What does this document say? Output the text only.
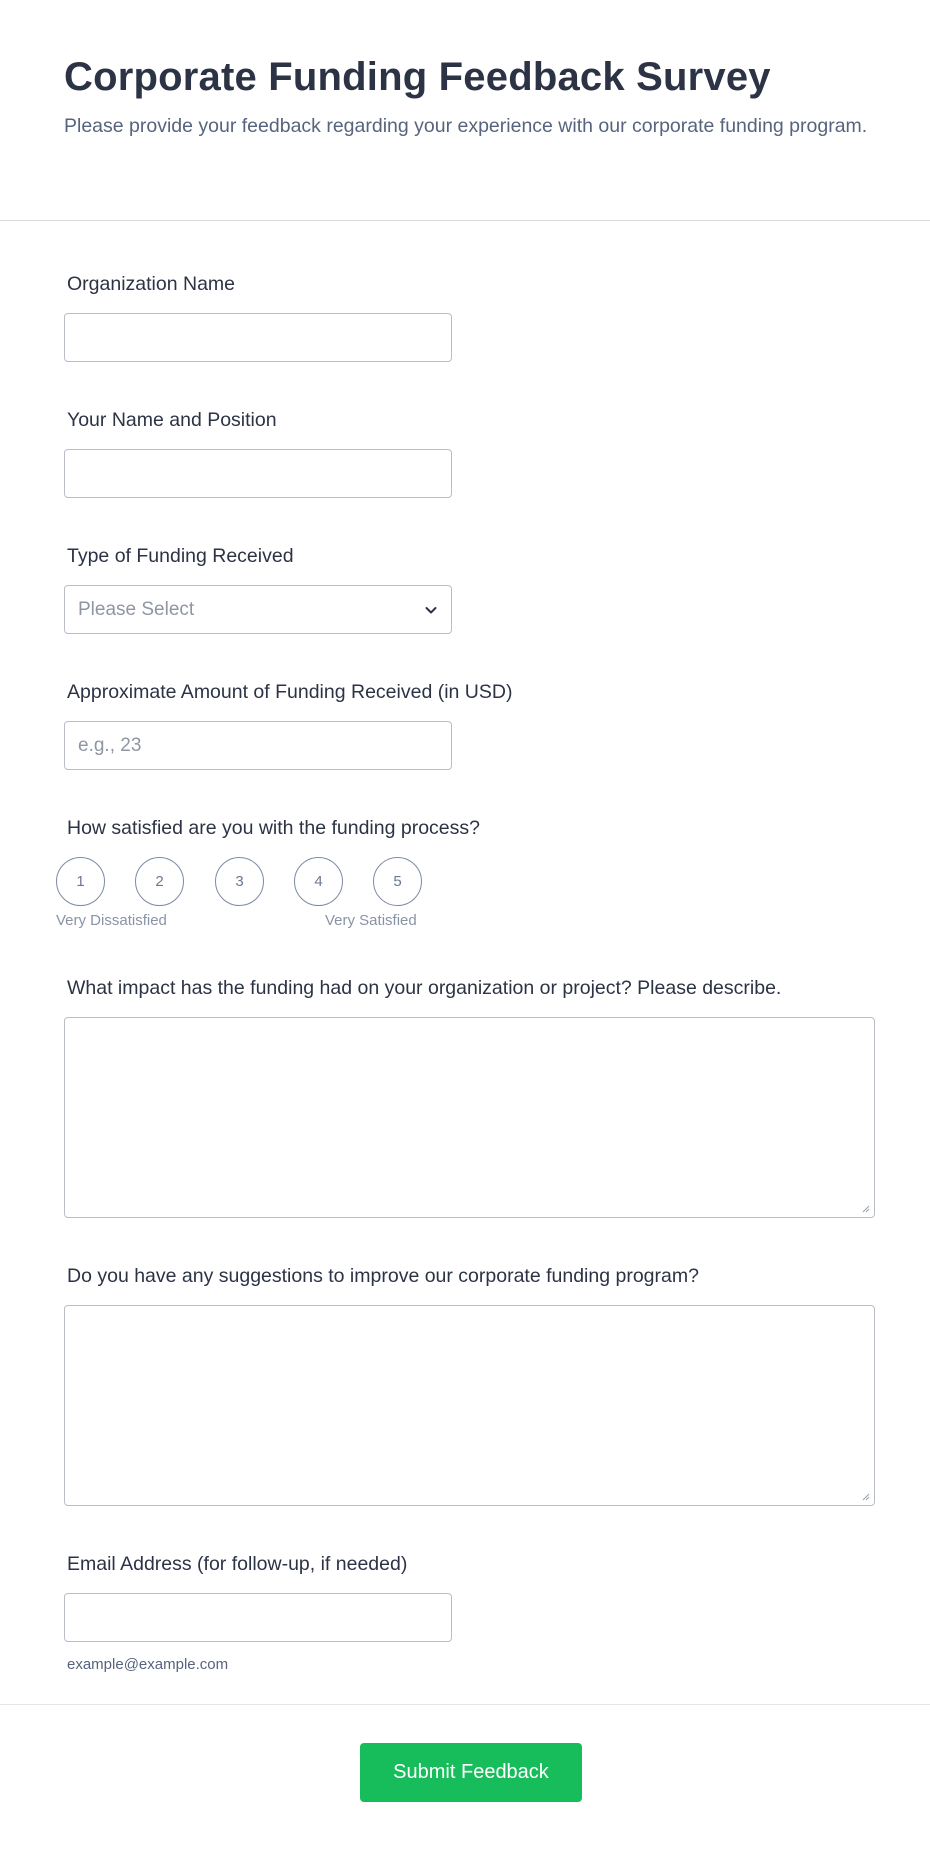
Corporate Funding Feedback Survey

Please provide your feedback regarding your experience with our corporate funding program.

Organization Name
Your Name and Position
Type of Funding Received
Please Select
Approximate Amount of Funding Received (in USD)
e.g., 23
How satisfied are you with the funding process?
1	2	3	4	5
Very Dissatisfied	Very Satisfied
What impact has the funding had on your organization or project? Please describe.
Do you have any suggestions to improve our corporate funding program?
Email Address (for follow-up, if needed)
example@example.com
Submit Feedback
